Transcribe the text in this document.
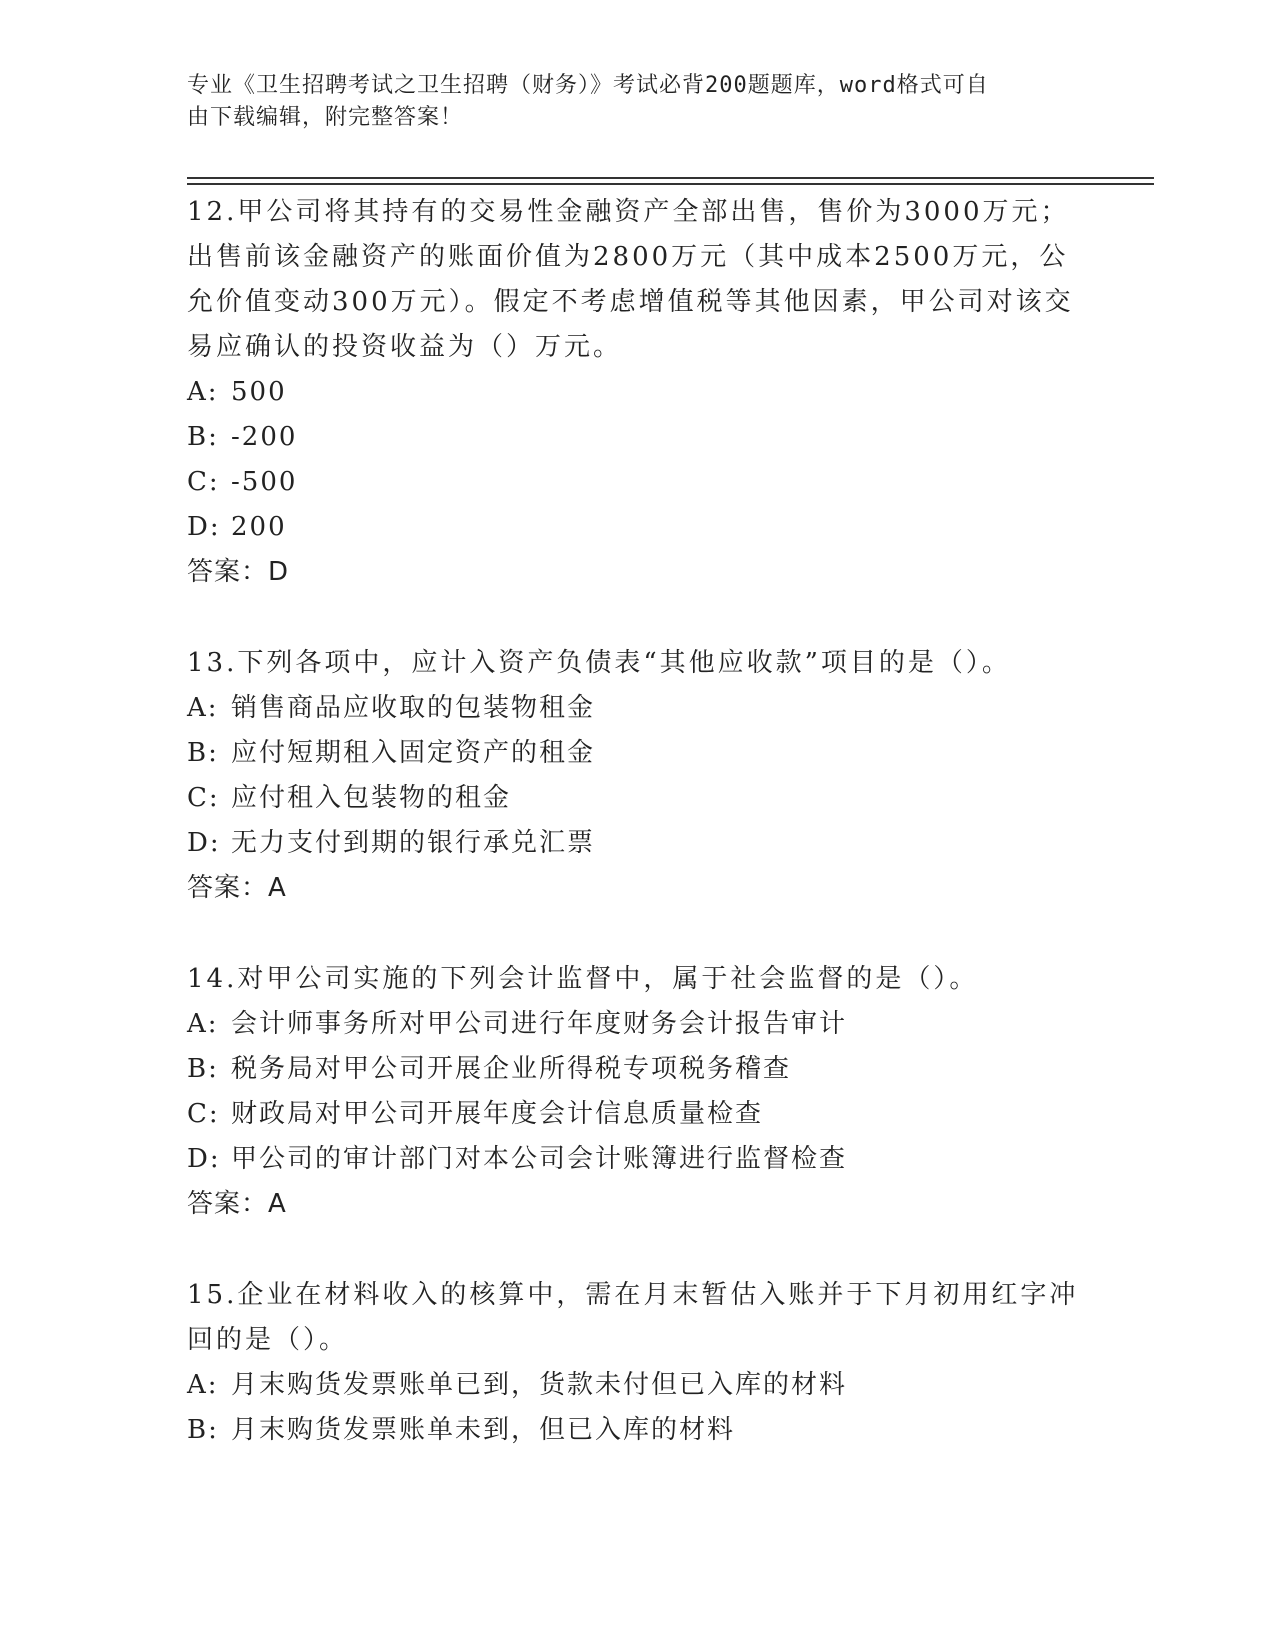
专业《卫生招聘考试之卫生招聘（财务）》考试必背200题题库，word格式可自
由下载编辑，附完整答案！
12.甲公司将其持有的交易性金融资产全部出售，售价为3000万元；出售前该金融资产的账面价值为2800万元（其中成本2500万元，公允价值变动300万元）。假定不考虑增值税等其他因素，甲公司对该交易应确认的投资收益为（）万元。
A: 500
B: -200
C: -500
D: 200
答案：D
13.下列各项中，应计入资产负债表“其他应收款”项目的是（）。
A: 销售商品应收取的包装物租金
B: 应付短期租入固定资产的租金
C: 应付租入包装物的租金
D: 无力支付到期的银行承兑汇票
答案：A
14.对甲公司实施的下列会计监督中，属于社会监督的是（）。
A: 会计师事务所对甲公司进行年度财务会计报告审计
B: 税务局对甲公司开展企业所得税专项税务稽查
C: 财政局对甲公司开展年度会计信息质量检查
D: 甲公司的审计部门对本公司会计账簿进行监督检查
答案：A
15.企业在材料收入的核算中，需在月末暂估入账并于下月初用红字冲回的是（）。
A: 月末购货发票账单已到，货款未付但已入库的材料
B: 月末购货发票账单未到，但已入库的材料
